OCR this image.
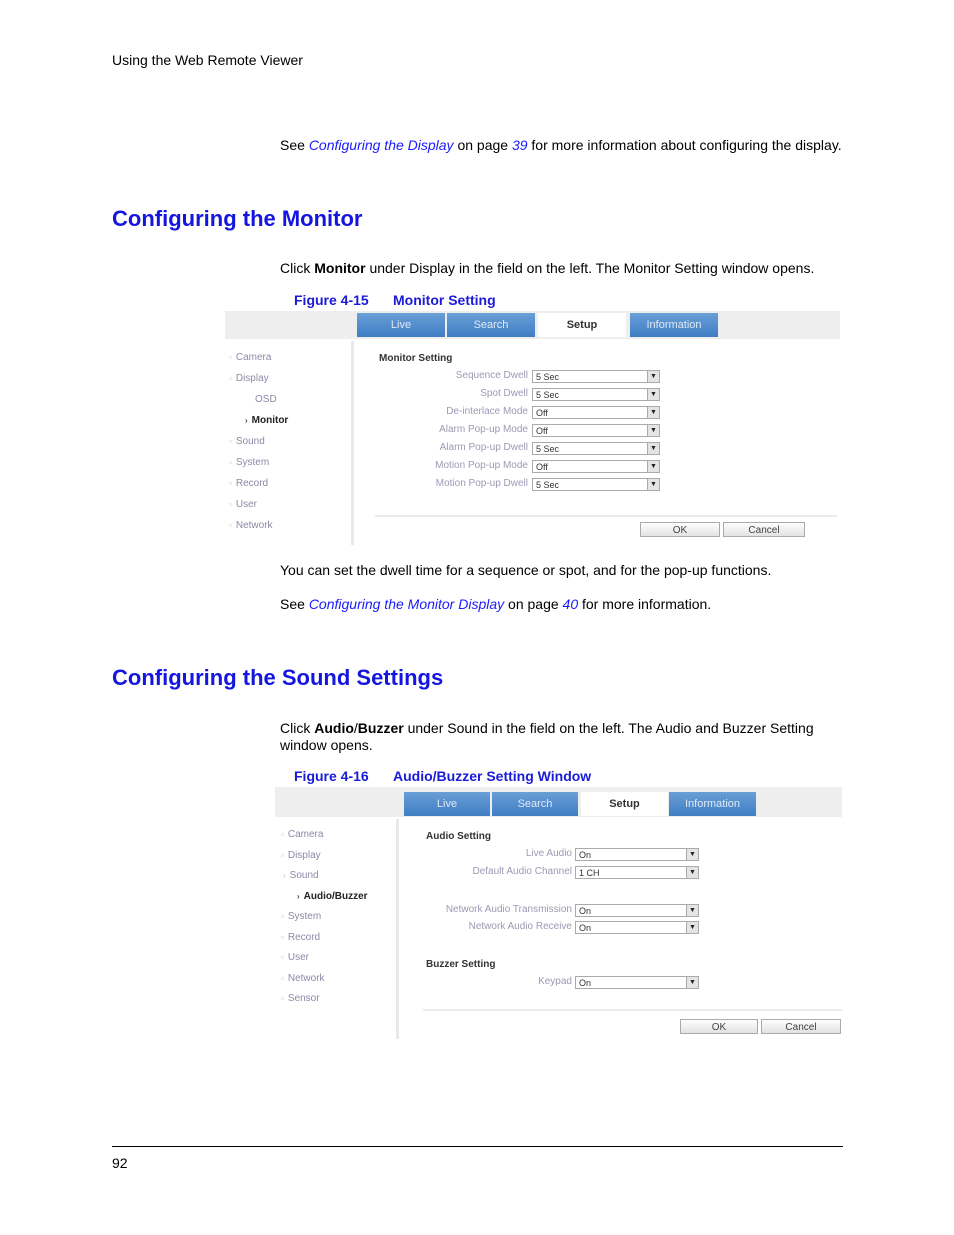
Using the Web Remote Viewer
See Configuring the Display on page 39 for more information about configuring the display.
Configuring the Monitor
Click Monitor under Display in the field on the left. The Monitor Setting window opens.
Figure 4-15 Monitor Setting
Live	Search	Setup	Information
▫ Camera
▫ Display
OSD
› Monitor
▫ Sound
▫ System
▫ Record
▫ User
▫ Network
Monitor Setting
Sequence Dwell 5 Sec	▼
Spot Dwell 5 Sec	▼
De-interlace Mode Off	▼
Alarm Pop-up Mode Off	▼
Alarm Pop-up Dwell 5 Sec	▼
Motion Pop-up Mode Off	▼
Motion Pop-up Dwell 5 Sec	▼
OK	Cancel
You can set the dwell time for a sequence or spot, and for the pop-up functions.
See Configuring the Monitor Display on page 40 for more information.
Configuring the Sound Settings
Click Audio/Buzzer under Sound in the field on the left. The Audio and Buzzer Setting window opens.
Figure 4-16 Audio/Buzzer Setting Window
Live	Search	Setup	Information
▫ Camera
▫ Display
› Sound
› Audio/Buzzer
▫ System
▫ Record
▫ User
▫ Network
▫ Sensor
Audio Setting
Live Audio On	▼
Default Audio Channel 1 CH	▼
Network Audio Transmission On	▼
Network Audio Receive On	▼
Buzzer Setting
Keypad On	▼
OK	Cancel
92
